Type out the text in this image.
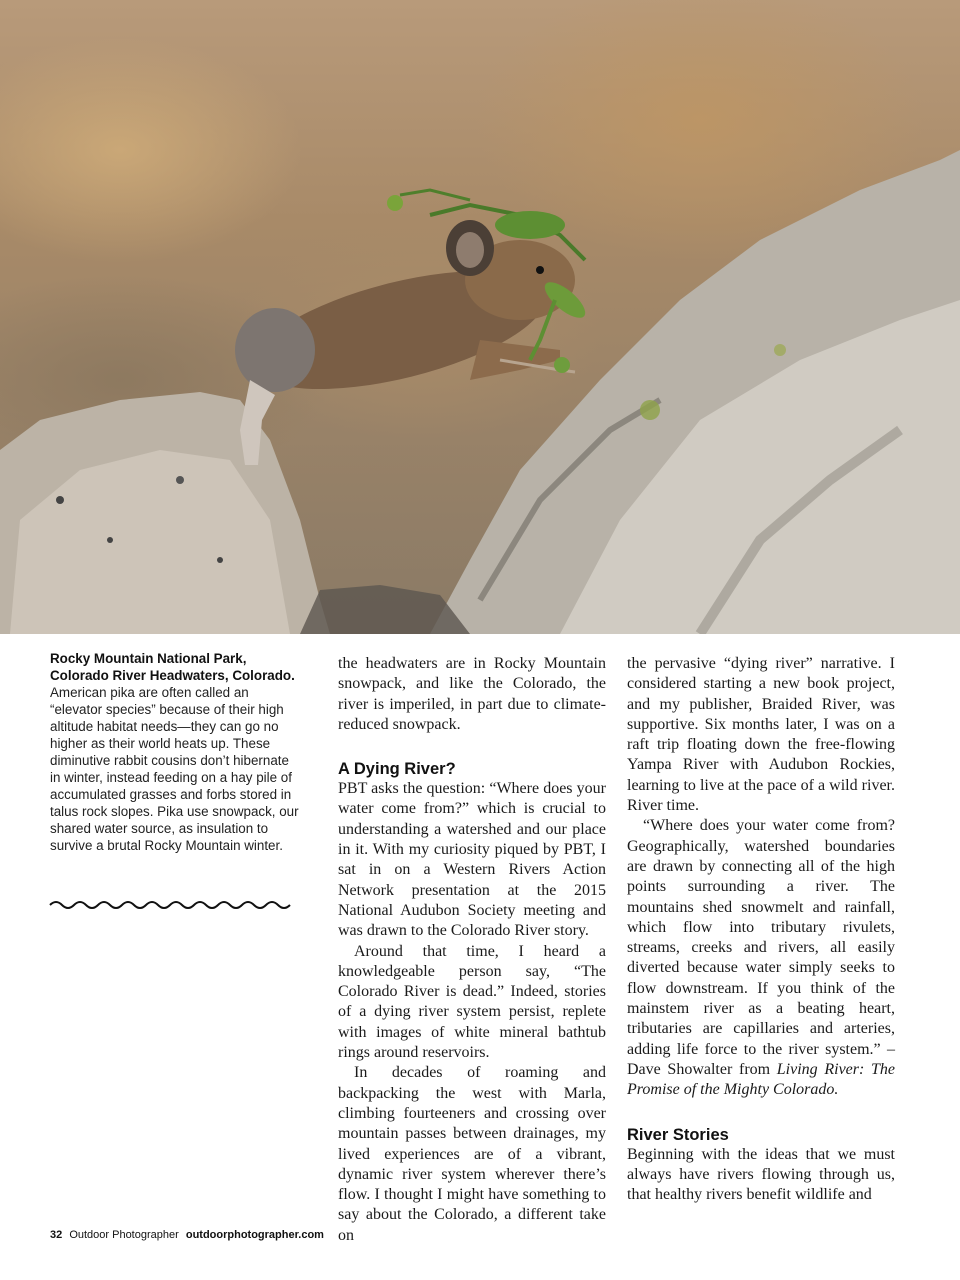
Rocky Mountain National Park, Colorado River Headwaters, Colorado. American pika are often called an “elevator species” because of their high altitude habitat needs—they can go no higher as their world heats up. These diminutive rabbit cousins don’t hibernate in winter, instead feeding on a hay pile of accumulated grasses and forbs stored in talus rock slopes. Pika use snowpack, our shared water source, as insulation to survive a brutal Rocky Mountain winter.

the headwaters are in Rocky Mountain snowpack, and like the Colorado, the river is imperiled, in part due to climate-reduced snowpack.

A Dying River?

PBT asks the question: “Where does your water come from?” which is crucial to understanding a watershed and our place in it. With my curiosity piqued by PBT, I sat in on a Western Rivers Action Network presentation at the 2015 National Audubon Society meeting and was drawn to the Colorado River story.

Around that time, I heard a knowledgeable person say, “The Colorado River is dead.” Indeed, stories of a dying river system persist, replete with images of white mineral bathtub rings around reservoirs.

In decades of roaming and backpacking the west with Marla, climbing fourteeners and crossing over mountain passes between drainages, my lived experiences are of a vibrant, dynamic river system wherever there’s flow. I thought I might have something to say about the Colorado, a different take on

the pervasive “dying river” narrative. I considered starting a new book project, and my publisher, Braided River, was supportive. Six months later, I was on a raft trip floating down the free-flowing Yampa River with Audubon Rockies, learning to live at the pace of a wild river. River time.

“Where does your water come from? Geographically, watershed boundaries are drawn by connecting all of the high points surrounding a river. The mountains shed snowmelt and rainfall, which flow into tributary rivulets, streams, creeks and rivers, all easily diverted because water simply seeks to flow downstream. If you think of the mainstem river as a beating heart, tributaries are capillaries and arteries, adding life force to the river system.” – Dave Showalter from Living River: The Promise of the Mighty Colorado.

River Stories

Beginning with the ideas that we must always have rivers flowing through us, that healthy rivers benefit wildlife and

32 Outdoor Photographer outdoorphotographer.com
